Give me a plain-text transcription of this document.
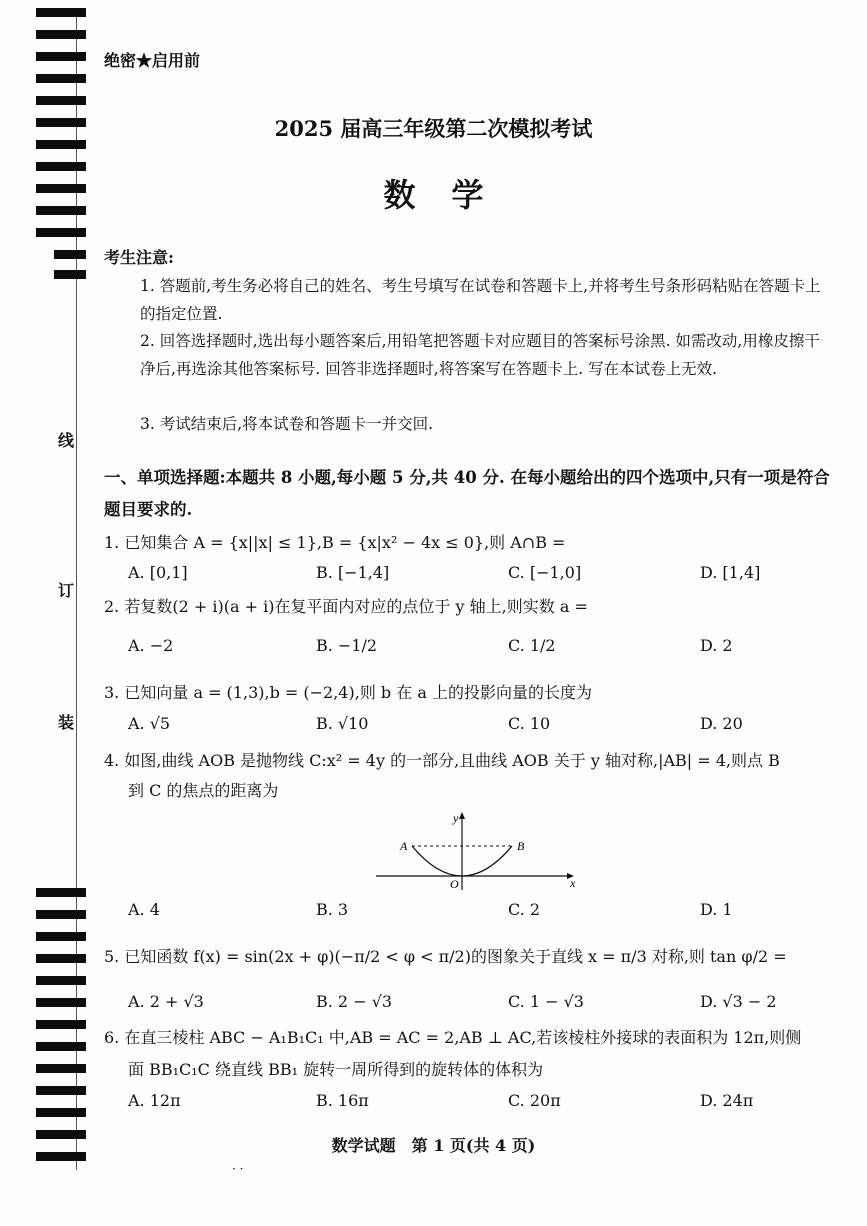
线
订
装
绝密★启用前
2025 届高三年级第二次模拟考试
数学
考生注意:
1. 答题前,考生务必将自己的姓名、考生号填写在试卷和答题卡上,并将考生号条形码粘贴在答题卡上的指定位置.
2. 回答选择题时,选出每小题答案后,用铅笔把答题卡对应题目的答案标号涂黑. 如需改动,用橡皮擦干净后,再选涂其他答案标号. 回答非选择题时,将答案写在答题卡上. 写在本试卷上无效.
3. 考试结束后,将本试卷和答题卡一并交回.
一、单项选择题:本题共 8 小题,每小题 5 分,共 40 分. 在每小题给出的四个选项中,只有一项是符合题目要求的.
1. 已知集合 A = {x||x| ≤ 1},B = {x|x² − 4x ≤ 0},则 A∩B =
A. [0,1]	B. [−1,4]	C. [−1,0]	D. [1,4]
2. 若复数(2 + i)(a + i)在复平面内对应的点位于 y 轴上,则实数 a =
A. −2	B. −1/2	C. 1/2	D. 2
3. 已知向量 a = (1,3),b = (−2,4),则 b 在 a 上的投影向量的长度为
A. √5	B. √10	C. 10	D. 20
4. 如图,曲线 AOB 是抛物线 C:x² = 4y 的一部分,且曲线 AOB 关于 y 轴对称,|AB| = 4,则点 B
到 C 的焦点的距离为
A	B
O	x
y
A. 4	B. 3	C. 2	D. 1
5. 已知函数 f(x) = sin(2x + φ)(−π/2 < φ < π/2)的图象关于直线 x = π/3 对称,则 tan φ/2 =
A. 2 + √3	B. 2 − √3	C. 1 − √3	D. √3 − 2
6. 在直三棱柱 ABC − A₁B₁C₁ 中,AB = AC = 2,AB ⊥ AC,若该棱柱外接球的表面积为 12π,则侧
面 BB₁C₁C 绕直线 BB₁ 旋转一周所得到的旋转体的体积为
A. 12π	B. 16π	C. 20π	D. 24π
数学试题　第 1 页(共 4 页)
· ·
